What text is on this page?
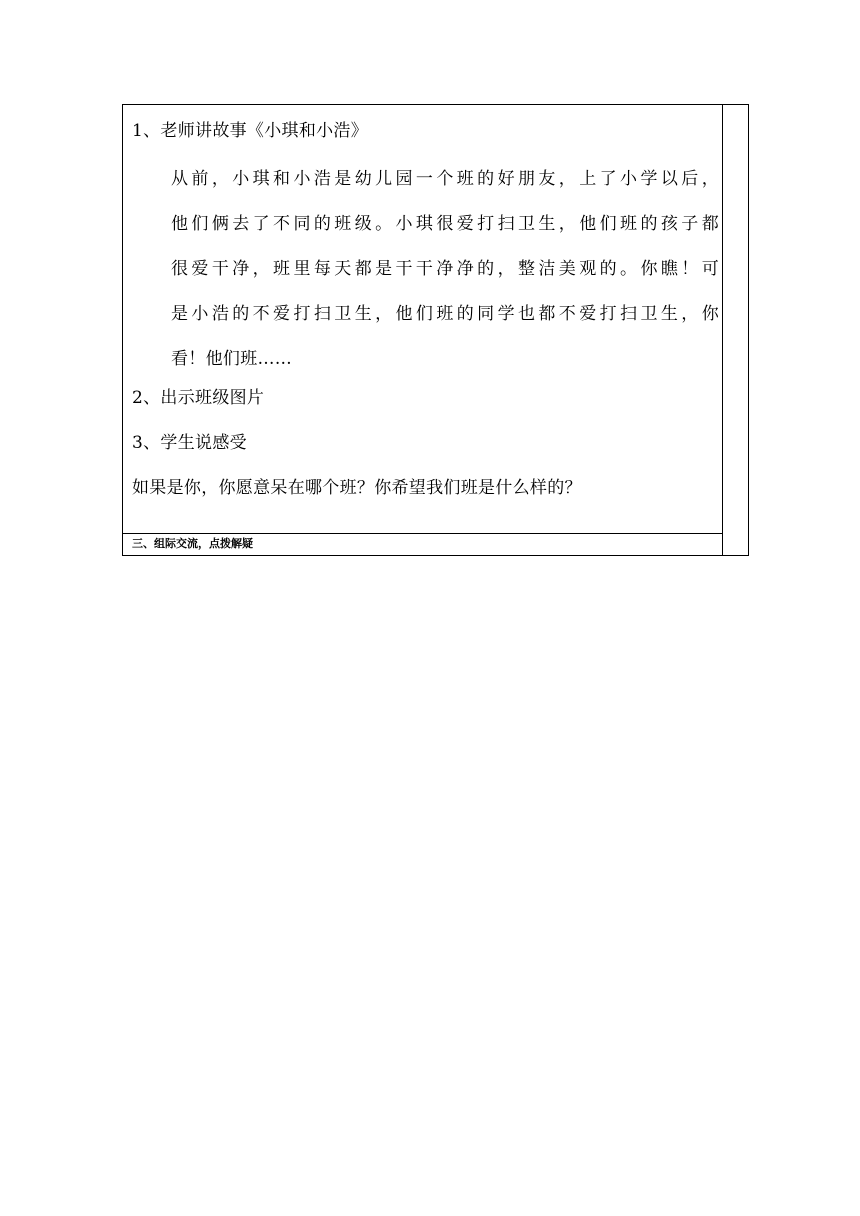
1、老师讲故事《小琪和小浩》
从前，小琪和小浩是幼儿园一个班的好朋友，上了小学以后，
他们俩去了不同的班级。小琪很爱打扫卫生，他们班的孩子都
很爱干净，班里每天都是干干净净的，整洁美观的。你瞧！可
是小浩的不爱打扫卫生，他们班的同学也都不爱打扫卫生，你
看！他们班……
2、出示班级图片
3、学生说感受
如果是你，你愿意呆在哪个班？你希望我们班是什么样的？
三、组际交流，点拨解疑
